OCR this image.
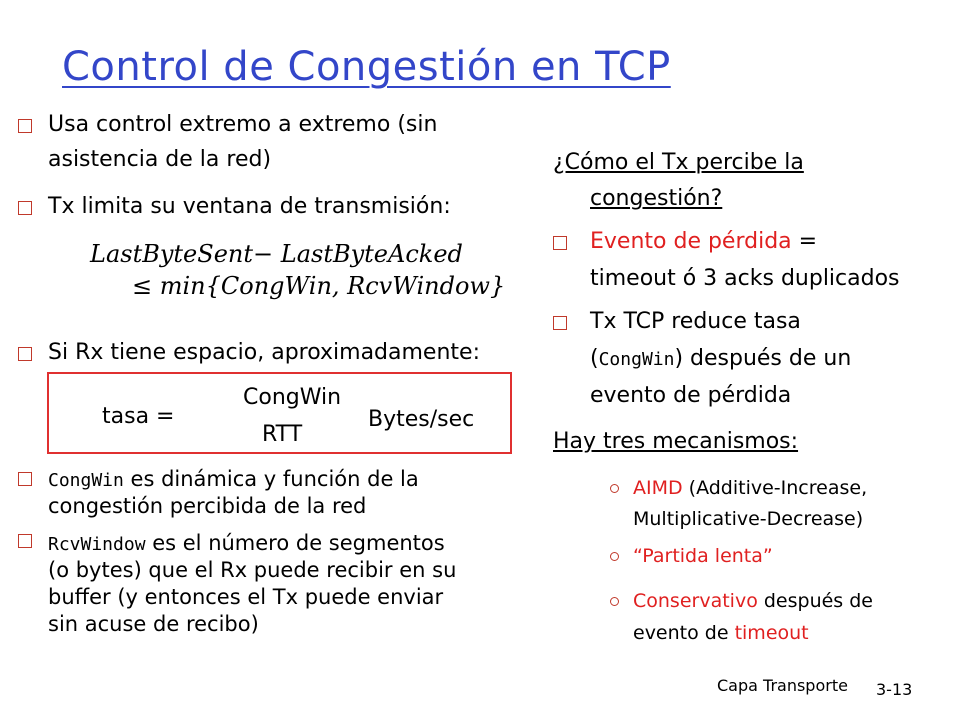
Control de Congestión en TCP
Usa control extremo a extremo (sin
asistencia de la red)
Tx limita su ventana de transmisión:
LastByteSent− LastByteAcked
≤ min{CongWin, RcvWindow}
Si Rx tiene espacio, aproximadamente:
tasa =
CongWin
RTT
Bytes/sec
CongWin es dinámica y función de la
congestión percibida de la red
RcvWindow es el número de segmentos
(o bytes) que el Rx puede recibir en su
buffer (y entonces el Tx puede enviar
sin acuse de recibo)
¿Cómo el Tx percibe la
congestión?
Evento de pérdida =
timeout ó 3 acks duplicados
Tx TCP reduce tasa
(CongWin) después de un
evento de pérdida
Hay tres mecanismos:
AIMD (Additive-Increase,
Multiplicative-Decrease)
“Partida lenta”
Conservativo después de
evento de timeout
Capa Transporte 3-13
